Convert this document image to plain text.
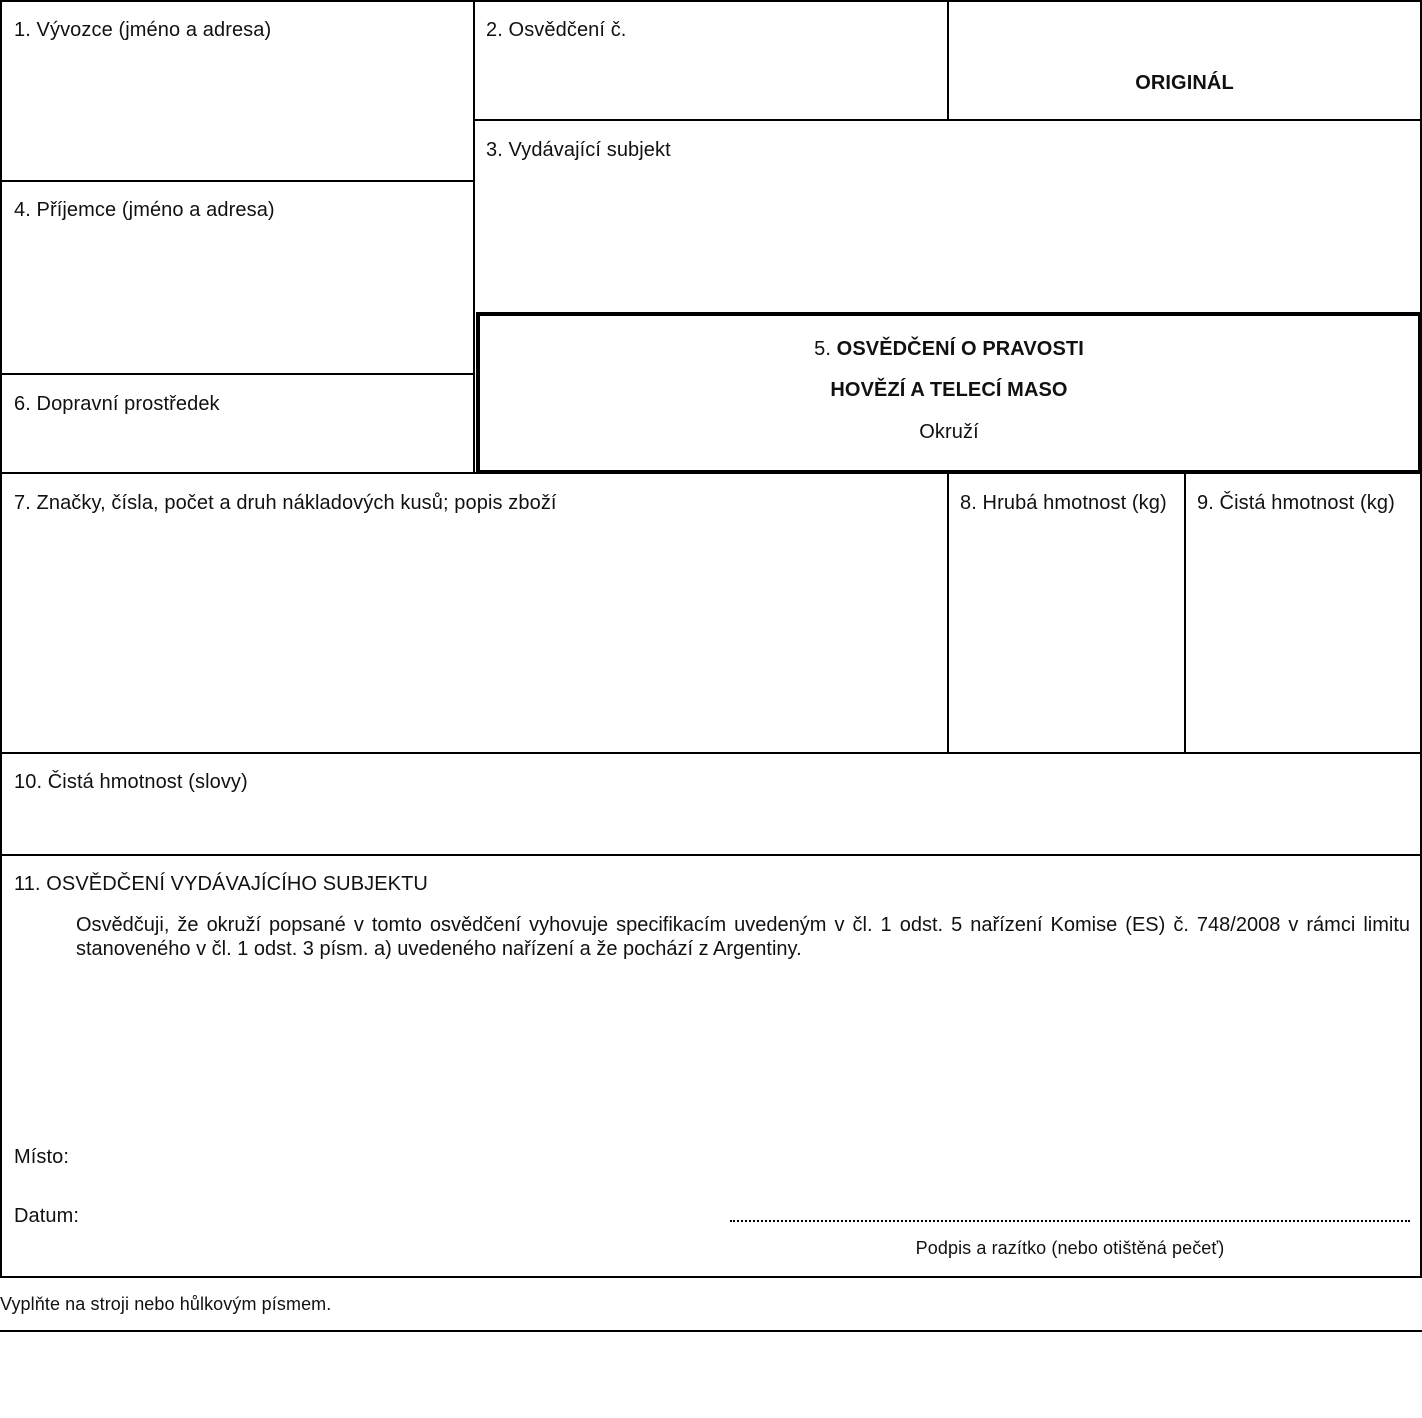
1. Vývozce (jméno a adresa)	2. Osvědčení č.
ORIGINÁL
3. Vydávající subjekt
4. Příjemce (jméno a adresa)
5. OSVĚDČENÍ O PRAVOSTI
HOVĚZÍ A TELECÍ MASO
Okruží
6. Dopravní prostředek
7. Značky, čísla, počet a druh nákladových kusů; popis zboží	8. Hrubá hmotnost (kg) 9. Čistá hmotnost (kg)
10. Čistá hmotnost (slovy)
11. OSVĚDČENÍ VYDÁVAJÍCÍHO SUBJEKTU
Osvědčuji, že okruží popsané v tomto osvědčení vyhovuje specifikacím uvedeným v čl. 1 odst. 5 nařízení Komise (ES) č. 748/2008 v rámci limitu stanoveného v čl. 1 odst. 3 písm. a) uvedeného nařízení a že pochází z Argentiny.
Místo:
Datum:
Podpis a razítko (nebo otištěná pečeť)
Vyplňte na stroji nebo hůlkovým písmem.
